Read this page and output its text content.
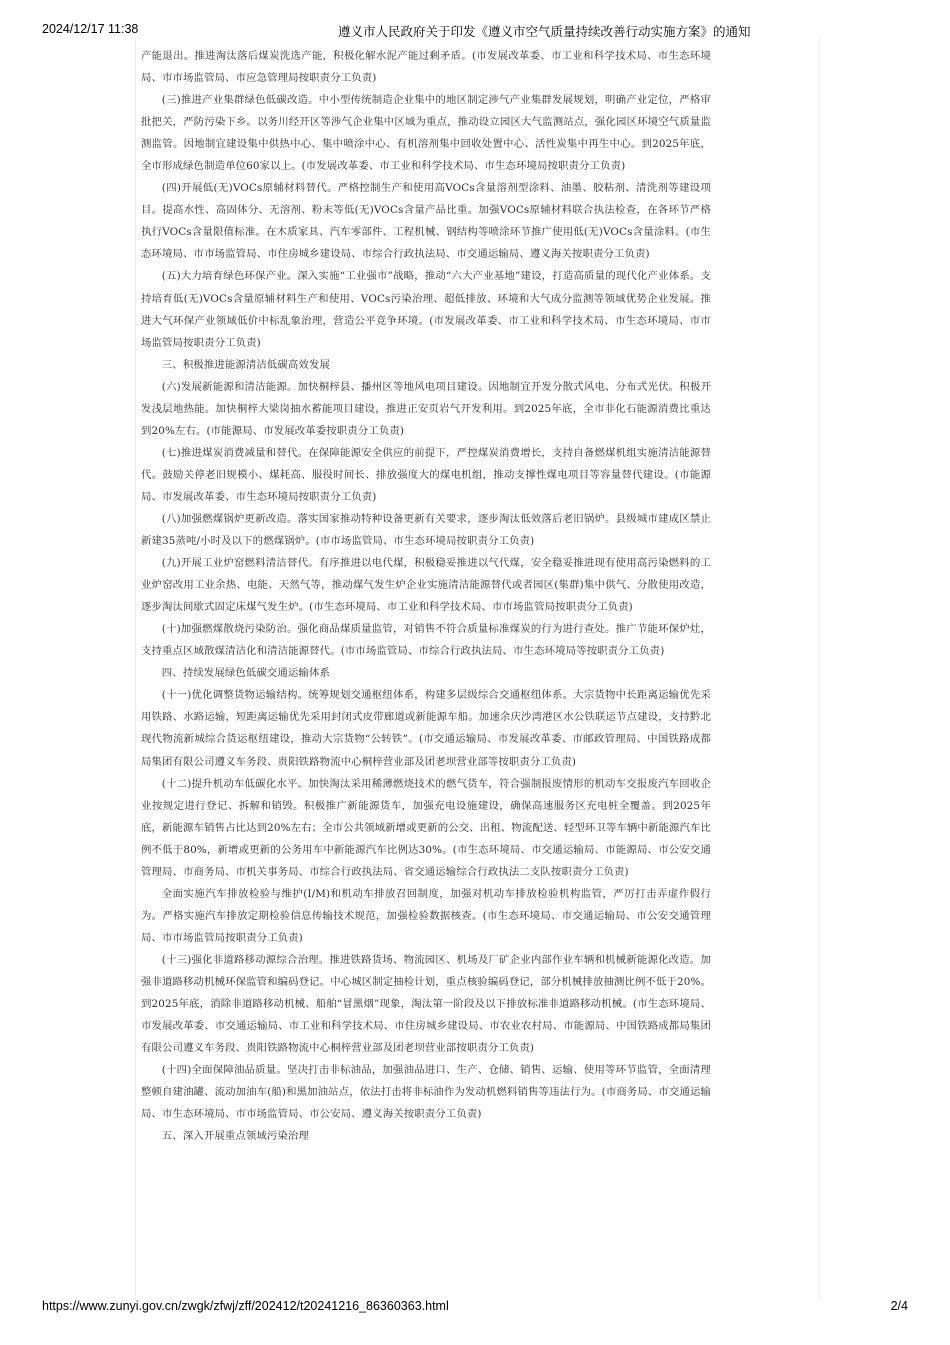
2024/12/17 11:38	遵义市人民政府关于印发《遵义市空气质量持续改善行动实施方案》的通知

产能退出。推进淘汰落后煤炭洗选产能，积极化解水泥产能过剩矛盾。(市发展改革委、市工业和科学技术局、市生态环境局、市市场监管局、市应急管理局按职责分工负责)

(三)推进产业集群绿色低碳改造。中小型传统制造企业集中的地区制定涉气产业集群发展规划，明确产业定位，严格审批把关，严防污染下乡。以务川经开区等涉气企业集中区域为重点，推动设立园区大气监测站点，强化园区环境空气质量监测监管。因地制宜建设集中供热中心、集中喷涂中心、有机溶剂集中回收处置中心、活性炭集中再生中心。到2025年底，全市形成绿色制造单位60家以上。(市发展改革委、市工业和科学技术局、市生态环境局按职责分工负责)

(四)开展低(无)VOCs原辅材料替代。严格控制生产和使用高VOCs含量溶剂型涂料、油墨、胶粘剂、清洗剂等建设项目。提高水性、高固体分、无溶剂、粉末等低(无)VOCs含量产品比重。加强VOCs原辅材料联合执法检查，在各环节严格执行VOCs含量限值标准。在木质家具、汽车零部件、工程机械、钢结构等喷涂环节推广使用低(无)VOCs含量涂料。(市生态环境局、市市场监管局、市住房城乡建设局、市综合行政执法局、市交通运输局、遵义海关按职责分工负责)

(五)大力培育绿色环保产业。深入实施“工业强市”战略，推动“六大产业基地”建设，打造高质量的现代化产业体系。支持培育低(无)VOCs含量原辅材料生产和使用、VOCs污染治理、超低排放、环境和大气成分监测等领域优势企业发展。推进大气环保产业领域低价中标乱象治理，营造公平竞争环境。(市发展改革委、市工业和科学技术局、市生态环境局、市市场监管局按职责分工负责)

三、积极推进能源清洁低碳高效发展

(六)发展新能源和清洁能源。加快桐梓县、播州区等地风电项目建设。因地制宜开发分散式风电、分布式光伏。积极开发浅层地热能。加快桐梓大梁岗抽水蓄能项目建设，推进正安页岩气开发利用。到2025年底，全市非化石能源消费比重达到20%左右。(市能源局、市发展改革委按职责分工负责)

(七)推进煤炭消费减量和替代。在保障能源安全供应的前提下，严控煤炭消费增长，支持自备燃煤机组实施清洁能源替代。鼓励关停老旧规模小、煤耗高、服役时间长、排放强度大的煤电机组，推动支撑性煤电项目等容量替代建设。(市能源局、市发展改革委、市生态环境局按职责分工负责)

(八)加强燃煤锅炉更新改造。落实国家推动特种设备更新有关要求，逐步淘汰低效落后老旧锅炉。县级城市建成区禁止新建35蒸吨/小时及以下的燃煤锅炉。(市市场监管局、市生态环境局按职责分工负责)

(九)开展工业炉窑燃料清洁替代。有序推进以电代煤，积极稳妥推进以气代煤，安全稳妥推进现有使用高污染燃料的工业炉窑改用工业余热、电能、天然气等，推动煤气发生炉企业实施清洁能源替代或者园区(集群)集中供气、分散使用改造，逐步淘汰间歇式固定床煤气发生炉。(市生态环境局、市工业和科学技术局、市市场监管局按职责分工负责)

(十)加强燃煤散烧污染防治。强化商品煤质量监管，对销售不符合质量标准煤炭的行为进行查处。推广节能环保炉灶，支持重点区域散煤清洁化和清洁能源替代。(市市场监管局、市综合行政执法局、市生态环境局等按职责分工负责)

四、持续发展绿色低碳交通运输体系

(十一)优化调整货物运输结构。统筹规划交通枢纽体系，构建多层级综合交通枢纽体系。大宗货物中长距离运输优先采用铁路、水路运输，短距离运输优先采用封闭式皮带廊道或新能源车船。加速余庆沙湾港区水公铁联运节点建设，支持黔北现代物流新城综合货运枢纽建设，推动大宗货物“公转铁”。(市交通运输局、市发展改革委、市邮政管理局、中国铁路成都局集团有限公司遵义车务段、贵阳铁路物流中心桐梓营业部及团老坝营业部等按职责分工负责)

(十二)提升机动车低碳化水平。加快淘汰采用稀薄燃烧技术的燃气货车，符合强制报废情形的机动车交报废汽车回收企业按规定进行登记、拆解和销毁。积极推广新能源货车，加强充电设施建设，确保高速服务区充电桩全覆盖。到2025年底，新能源车销售占比达到20%左右；全市公共领域新增或更新的公交、出租、物流配送、轻型环卫等车辆中新能源汽车比例不低于80%，新增或更新的公务用车中新能源汽车比例达30%。(市生态环境局、市交通运输局、市能源局、市公安交通管理局、市商务局、市机关事务局、市综合行政执法局、省交通运输综合行政执法二支队按职责分工负责)

全面实施汽车排放检验与维护(I/M)和机动车排放召回制度，加强对机动车排放检验机构监管，严厉打击弄虚作假行为。严格实施汽车排放定期检验信息传输技术规范，加强检验数据核查。(市生态环境局、市交通运输局、市公安交通管理局、市市场监管局按职责分工负责)

(十三)强化非道路移动源综合治理。推进铁路货场、物流园区、机场及厂矿企业内部作业车辆和机械新能源化改造。加强非道路移动机械环保监管和编码登记。中心城区制定抽检计划，重点核验编码登记，部分机械排放抽测比例不低于20%。到2025年底，消除非道路移动机械、船舶“冒黑烟”现象，淘汰第一阶段及以下排放标准非道路移动机械。(市生态环境局、市发展改革委、市交通运输局、市工业和科学技术局、市住房城乡建设局、市农业农村局、市能源局、中国铁路成都局集团有限公司遵义车务段、贵阳铁路物流中心桐梓营业部及团老坝营业部按职责分工负责)

(十四)全面保障油品质量。坚决打击非标油品，加强油品进口、生产、仓储、销售、运输、使用等环节监管，全面清理整顿自建油罐、流动加油车(船)和黑加油站点，依法打击将非标油作为发动机燃料销售等违法行为。(市商务局、市交通运输局、市生态环境局、市市场监管局、市公安局、遵义海关按职责分工负责)

五、深入开展重点领域污染治理

https://www.zunyi.gov.cn/zwgk/zfwj/zff/202412/t20241216_86360363.html	2/4
